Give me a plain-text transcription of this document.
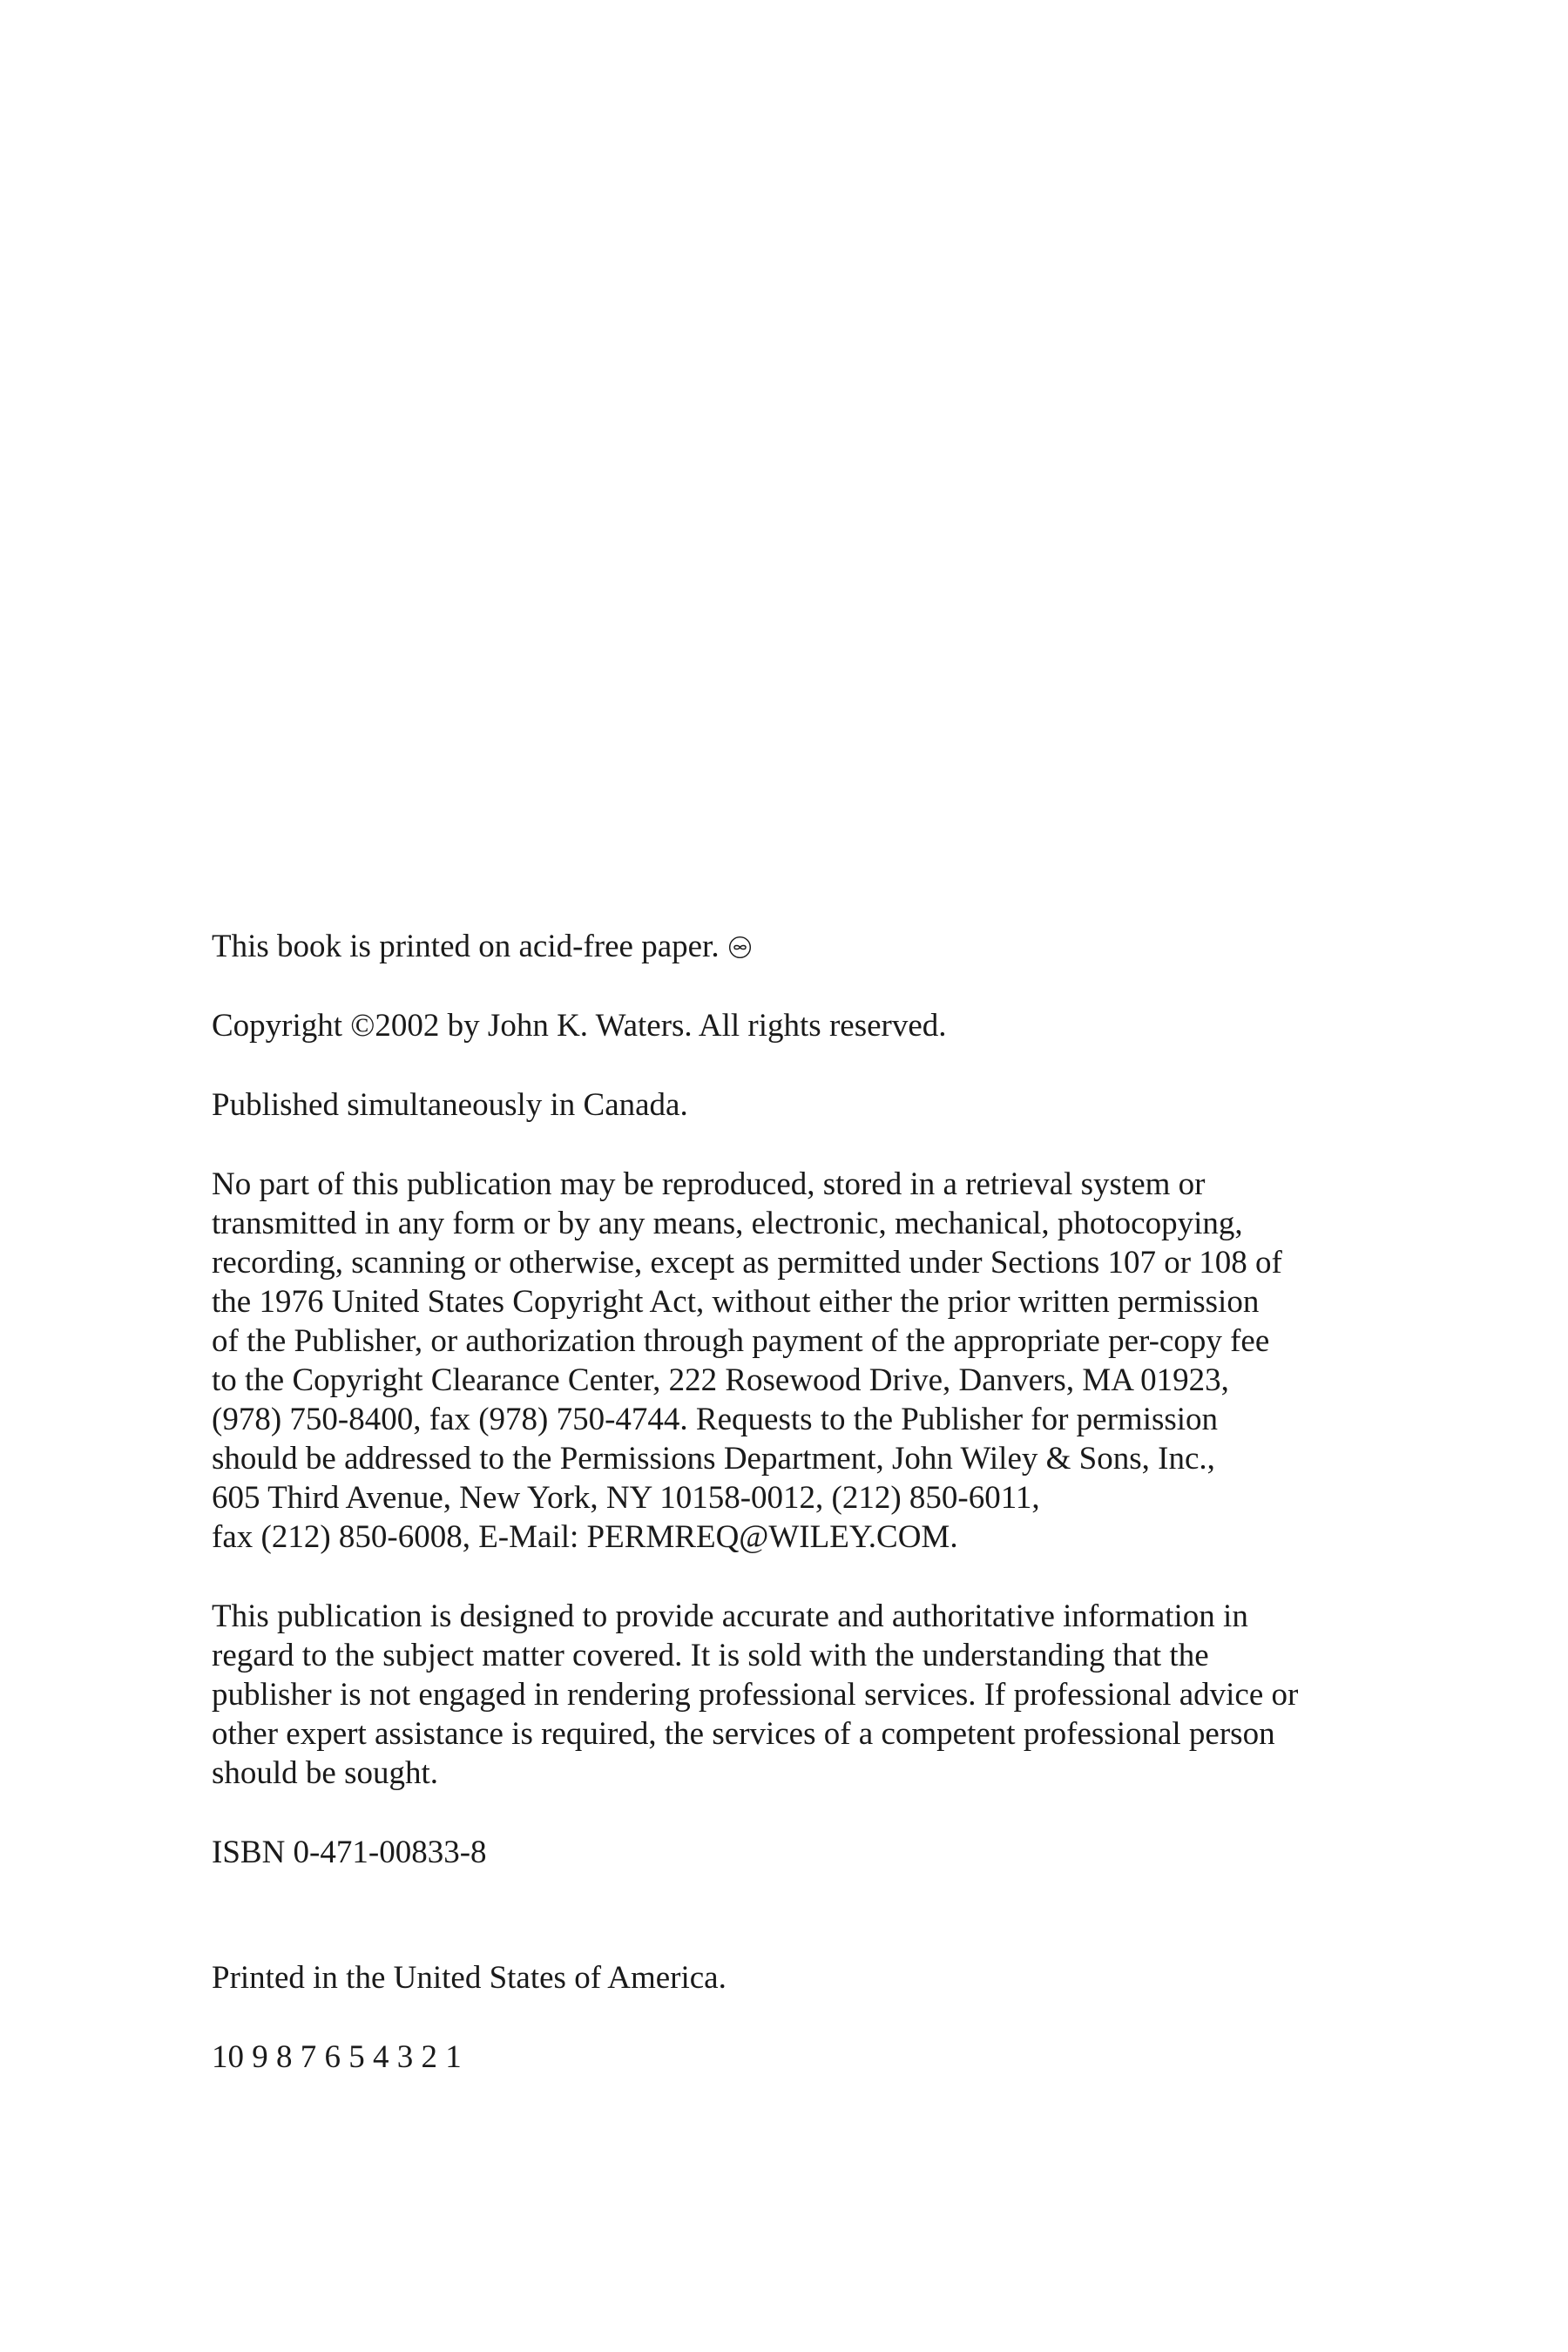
This book is printed on acid-free paper.

Copyright ©2002 by John K. Waters. All rights reserved.

Published simultaneously in Canada.

No part of this publication may be reproduced, stored in a retrieval system or
transmitted in any form or by any means, electronic, mechanical, photocopying,
recording, scanning or otherwise, except as permitted under Sections 107 or 108 of
the 1976 United States Copyright Act, without either the prior written permission
of the Publisher, or authorization through payment of the appropriate per-copy fee
to the Copyright Clearance Center, 222 Rosewood Drive, Danvers, MA 01923,
(978) 750-8400, fax (978) 750-4744. Requests to the Publisher for permission
should be addressed to the Permissions Department, John Wiley & Sons, Inc.,
605 Third Avenue, New York, NY 10158-0012, (212) 850-6011,
fax (212) 850-6008, E-Mail: PERMREQ@WILEY.COM.

This publication is designed to provide accurate and authoritative information in
regard to the subject matter covered. It is sold with the understanding that the
publisher is not engaged in rendering professional services. If professional advice or
other expert assistance is required, the services of a competent professional person
should be sought.

ISBN 0-471-00833-8

Printed in the United States of America.

10 9 8 7 6 5 4 3 2 1
